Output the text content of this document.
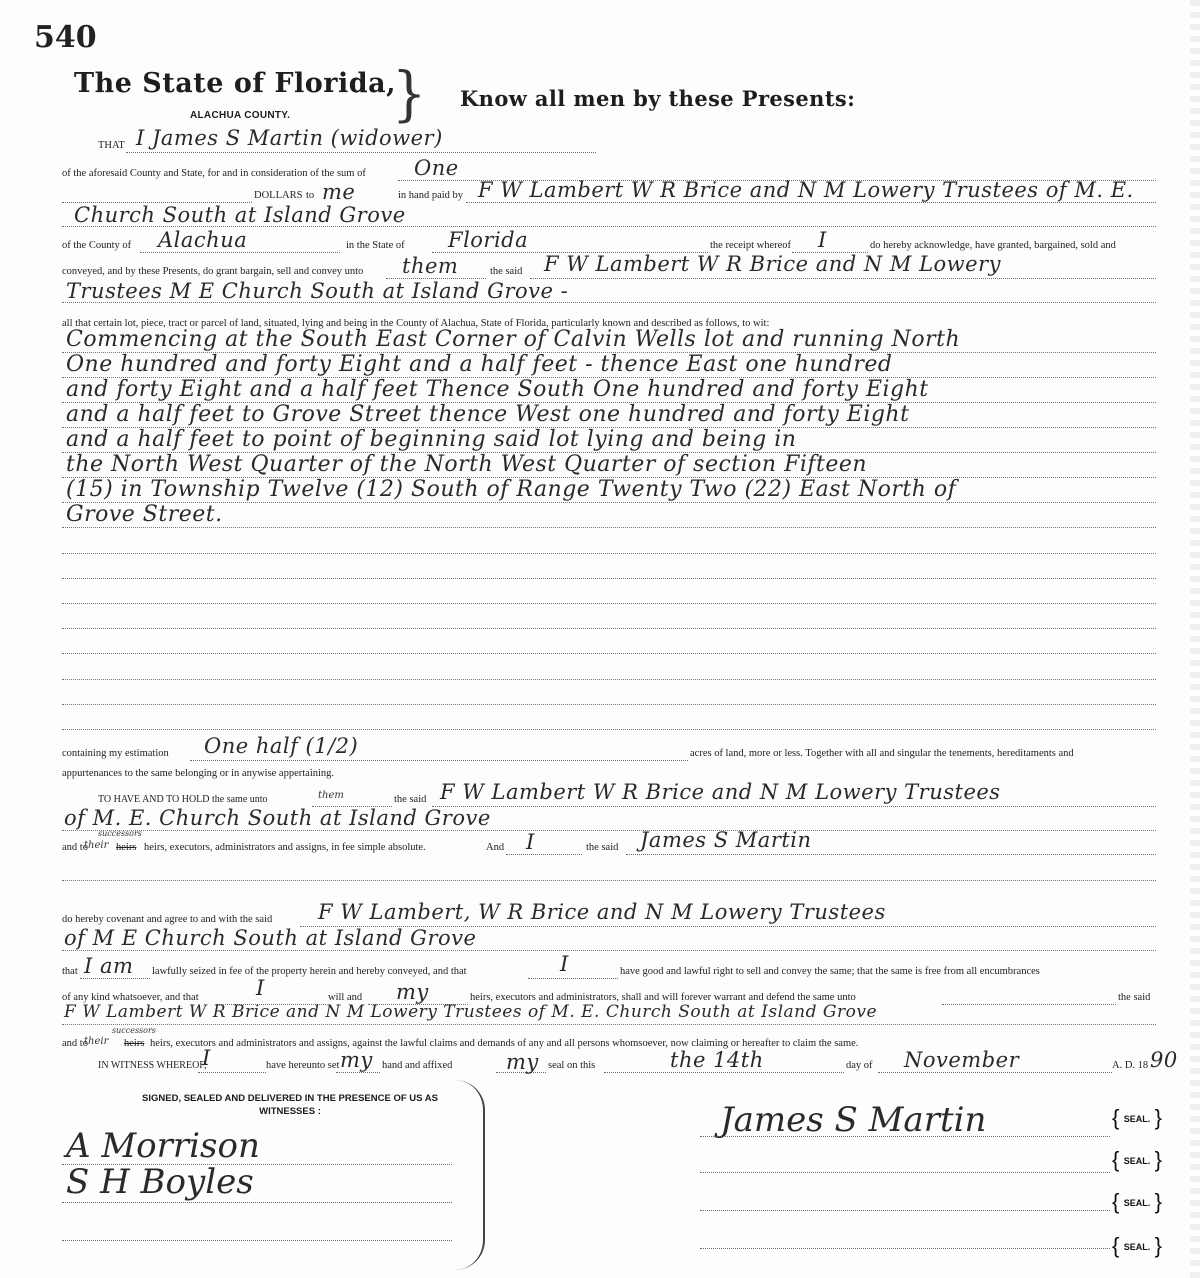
540
The State of Florida,
ALACHUA COUNTY. } Know all men by these Presents:
THAT I James S Martin (widower)
of the aforesaid County and State, for and in consideration of the sum of One
DOLLARS to me	in hand paid by F W Lambert W R Brice and N M Lowery Trustees of M. E.
Church South at Island Grove
of the County of Alachua	in the State of Florida	the receipt whereof I	do hereby acknowledge, have granted, bargained, sold and
conveyed, and by these Presents, do grant bargain, sell and convey unto them	the said F W Lambert W R Brice and N M Lowery
Trustees M E Church South at Island Grove -
all that certain lot, piece, tract or parcel of land, situated, lying and being in the County of Alachua, State of Florida, particularly known and described as follows, to wit:
Commencing at the South East Corner of Calvin Wells lot and running North
One hundred and forty Eight and a half feet - thence East one hundred
and forty Eight and a half feet Thence South One hundred and forty Eight
and a half feet to Grove Street thence West one hundred and forty Eight
and a half feet to point of beginning said lot lying and being in
the North West Quarter of the North West Quarter of section Fifteen
(15) in Township Twelve (12) South of Range Twenty Two (22) East North of
Grove Street.
containing my estimation One half (1/2)	acres of land, more or less. Together with all and singular the tenements, hereditaments and
appurtenances to the same belonging or in anywise appertaining.
TO HAVE AND TO HOLD the same unto	them	the said F W Lambert W R Brice and N M Lowery Trustees
of M. E. Church South at Island Grove
and to
their
successors
heirs heirs, executors, administrators and assigns, in fee simple absolute.	And I	the said James S Martin
do hereby covenant and agree to and with the said F W Lambert, W R Brice and N M Lowery Trustees
of M E Church South at Island Grove
that I am lawfully seized in fee of the property herein and hereby conveyed, and that	I	have good and lawful right to sell and convey the same; that the same is free from all encumbrances
of any kind whatsoever, and that	I	will and my	heirs, executors and administrators, shall and will forever warrant and defend the same unto	the said
F W Lambert W R Brice and N M Lowery Trustees of M. E. Church South at Island Grove
and to
their
successors
heirs heirs, executors and administrators and assigns, against the lawful claims and demands of any and all persons whomsoever, now claiming or hereafter to claim the same.
IN WITNESS WHEREOF,
I	have hereunto set my hand and affixed	my seal on this	the 14th	day of November	A. D. 18 90
SIGNED, SEALED AND DELIVERED IN THE PRESENCE OF US AS WITNESSES :
A Morrison
S H Boyles
James S Martin
{	SEAL. }
{ SEAL. }
{ SEAL. }
{ SEAL. }
